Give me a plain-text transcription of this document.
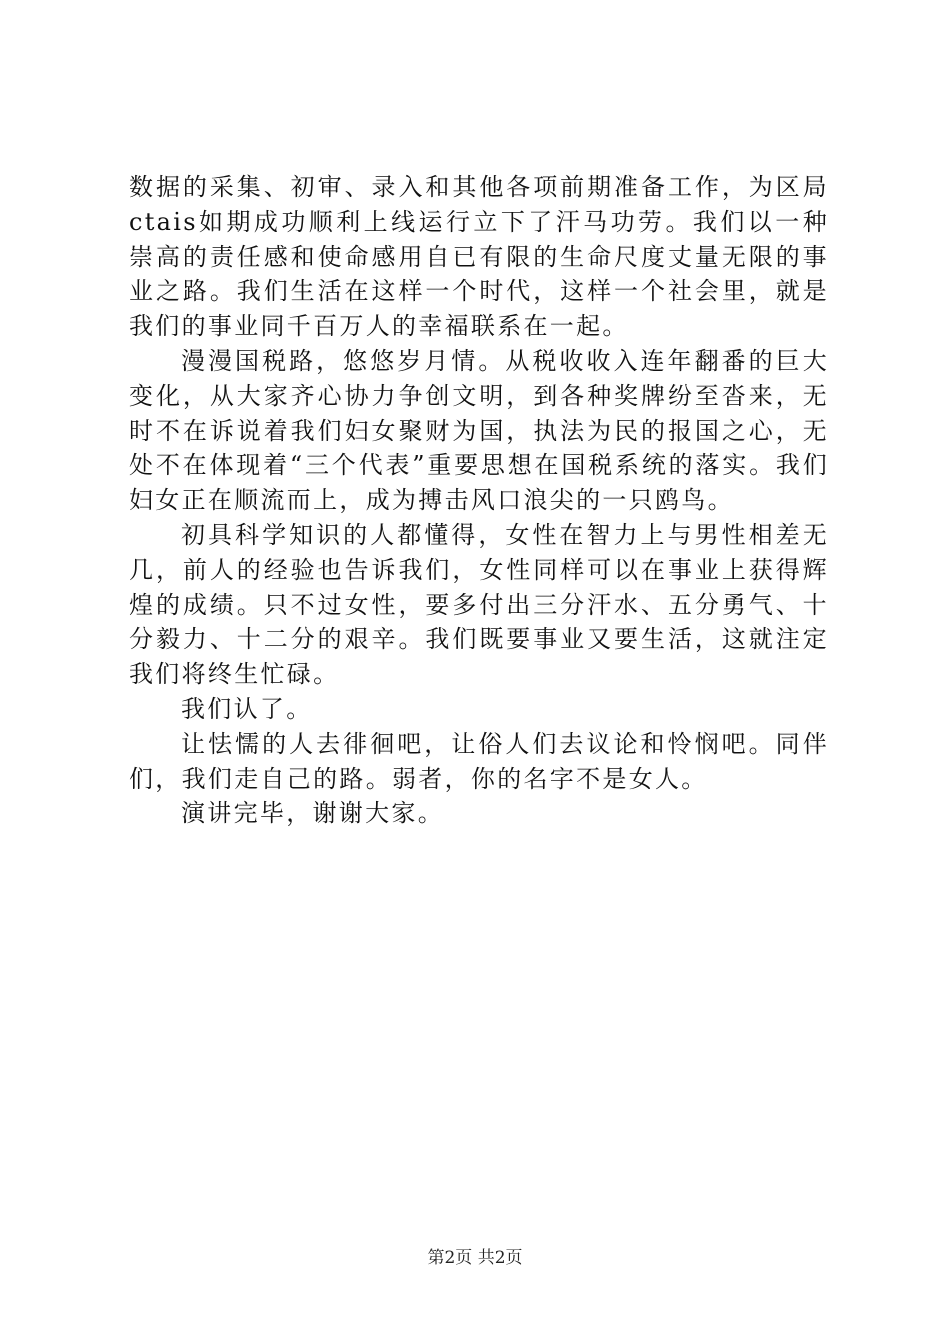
数据的采集、初审、录入和其他各项前期准备工作，为区局ctais如期成功顺利上线运行立下了汗马功劳。我们以一种崇高的责任感和使命感用自已有限的生命尺度丈量无限的事业之路。我们生活在这样一个时代，这样一个社会里，就是我们的事业同千百万人的幸福联系在一起。

漫漫国税路，悠悠岁月情。从税收收入连年翻番的巨大变化，从大家齐心协力争创文明，到各种奖牌纷至沓来，无时不在诉说着我们妇女聚财为国，执法为民的报国之心，无处不在体现着“三个代表”重要思想在国税系统的落实。我们妇女正在顺流而上，成为搏击风口浪尖的一只鸥鸟。

初具科学知识的人都懂得，女性在智力上与男性相差无几，前人的经验也告诉我们，女性同样可以在事业上获得辉煌的成绩。只不过女性，要多付出三分汗水、五分勇气、十分毅力、十二分的艰辛。我们既要事业又要生活，这就注定我们将终生忙碌。

我们认了。

让怯懦的人去徘徊吧，让俗人们去议论和怜悯吧。同伴们，我们走自己的路。弱者，你的名字不是女人。

演讲完毕，谢谢大家。

第2页 共2页
